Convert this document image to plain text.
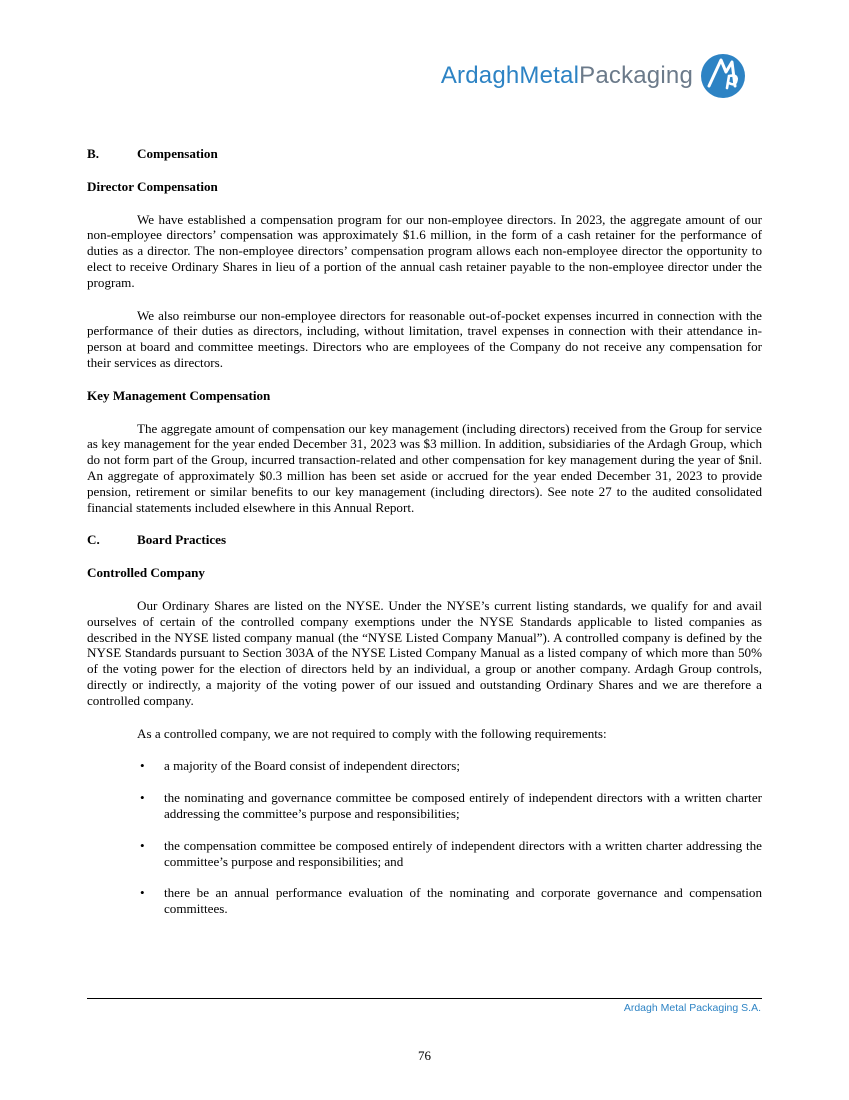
ArdaghMetalPackaging
AMP
B.	Compensation

Director Compensation

We have established a compensation program for our non-employee directors. In 2023, the aggregate amount of our non-employee directors’ compensation was approximately $1.6 million, in the form of a cash retainer for the performance of duties as a director. The non-employee directors’ compensation program allows each non-employee director the opportunity to elect to receive Ordinary Shares in lieu of a portion of the annual cash retainer payable to the non-employee director under the program.

We also reimburse our non-employee directors for reasonable out-of-pocket expenses incurred in connection with the performance of their duties as directors, including, without limitation, travel expenses in connection with their attendance in-person at board and committee meetings. Directors who are employees of the Company do not receive any compensation for their services as directors.

Key Management Compensation

The aggregate amount of compensation our key management (including directors) received from the Group for service as key management for the year ended December 31, 2023 was $3 million. In addition, subsidiaries of the Ardagh Group, which do not form part of the Group, incurred transaction-related and other compensation for key management during the year of $nil. An aggregate of approximately $0.3 million has been set aside or accrued for the year ended December 31, 2023 to provide pension, retirement or similar benefits to our key management (including directors). See note 27 to the audited consolidated financial statements included elsewhere in this Annual Report.

C.	Board Practices

Controlled Company

Our Ordinary Shares are listed on the NYSE. Under the NYSE’s current listing standards, we qualify for and avail ourselves of certain of the controlled company exemptions under the NYSE Standards applicable to listed companies as described in the NYSE listed company manual (the “NYSE Listed Company Manual”). A controlled company is defined by the NYSE Standards pursuant to Section 303A of the NYSE Listed Company Manual as a listed company of which more than 50% of the voting power for the election of directors held by an individual, a group or another company. Ardagh Group controls, directly or indirectly, a majority of the voting power of our issued and outstanding Ordinary Shares and we are therefore a controlled company.

As a controlled company, we are not required to comply with the following requirements:

• a majority of the Board consist of independent directors;
• the nominating and governance committee be composed entirely of independent directors with a written charter addressing the committee’s purpose and responsibilities;
• the compensation committee be composed entirely of independent directors with a written charter addressing the committee’s purpose and responsibilities; and
• there be an annual performance evaluation of the nominating and corporate governance and compensation committees.
Ardagh Metal Packaging S.A.
76
